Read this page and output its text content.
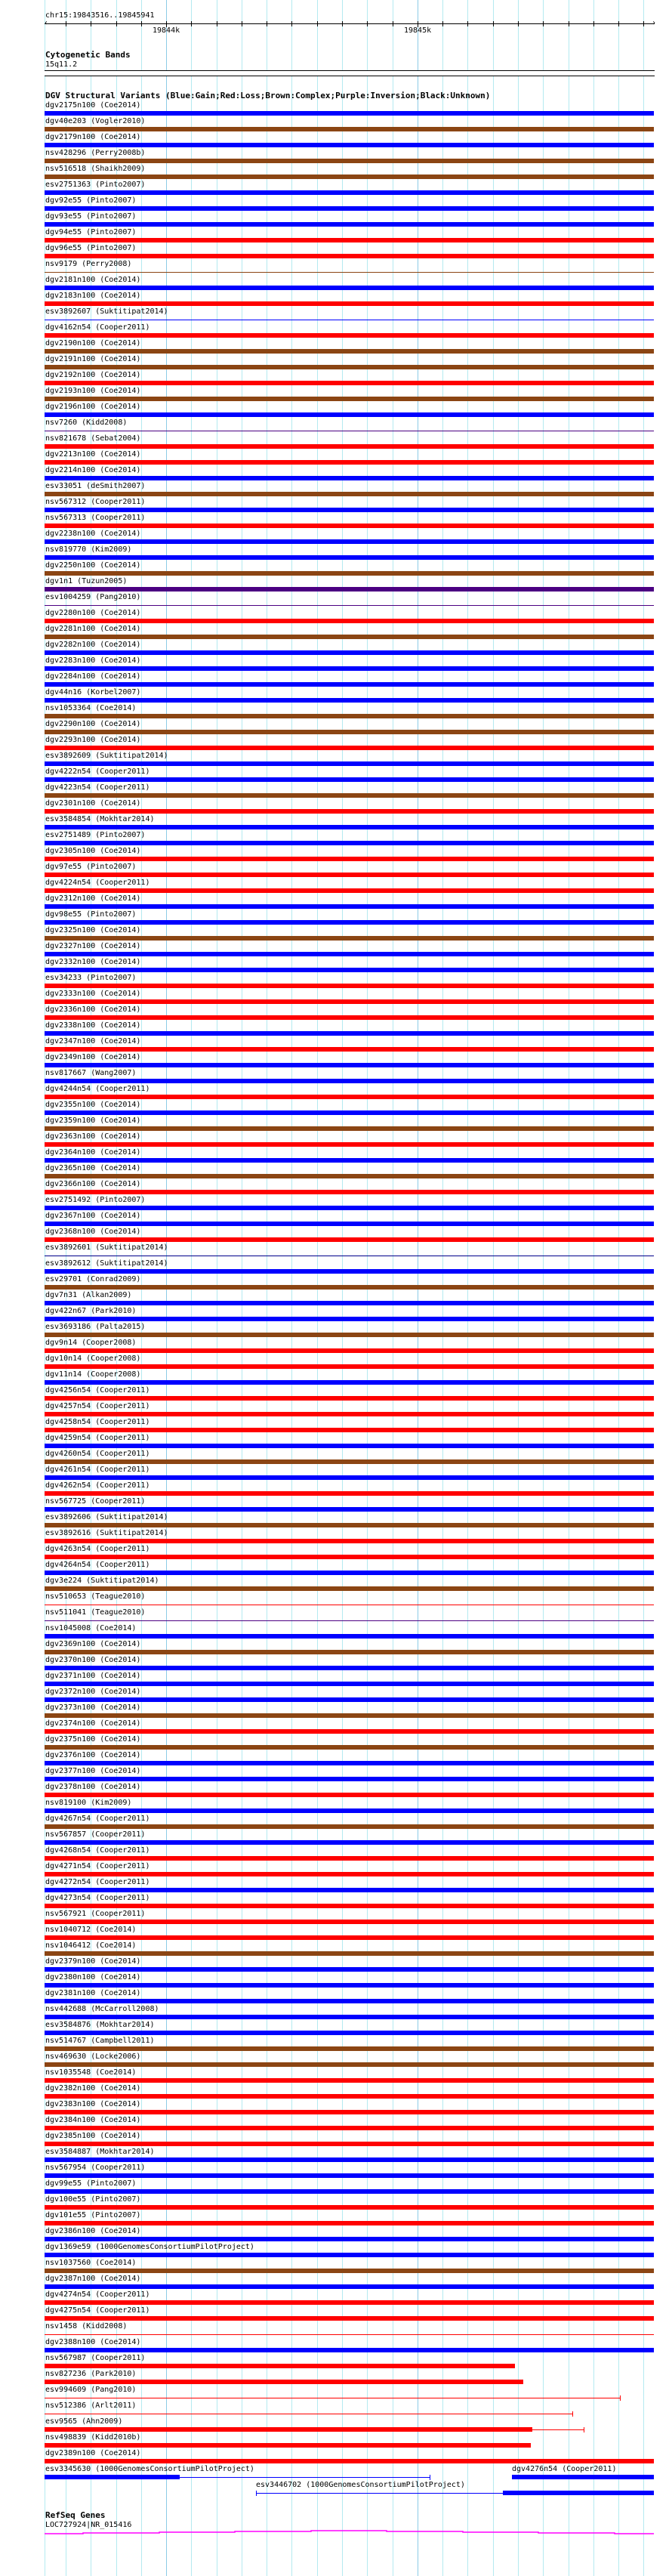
chr15:19843516..19845941
‹	›
19844k	19845k
Cytogenetic Bands
15q11.2
DGV Structural Variants (Blue:Gain;Red:Loss;Brown:Complex;Purple:Inversion;Black:Unknown)
dgv2175n100 (Coe2014)
dgv40e203 (Vogler2010)
dgv2179n100 (Coe2014)
nsv428296 (Perry2008b)
nsv516518 (Shaikh2009)
esv2751363 (Pinto2007)
dgv92e55 (Pinto2007)
dgv93e55 (Pinto2007)
dgv94e55 (Pinto2007)
dgv96e55 (Pinto2007)
nsv9179 (Perry2008)
dgv2181n100 (Coe2014)
dgv2183n100 (Coe2014)
esv3892607 (Suktitipat2014)
dgv4162n54 (Cooper2011)
dgv2190n100 (Coe2014)
dgv2191n100 (Coe2014)
dgv2192n100 (Coe2014)
dgv2193n100 (Coe2014)
dgv2196n100 (Coe2014)
nsv7260 (Kidd2008)
nsv821678 (Sebat2004)
dgv2213n100 (Coe2014)
dgv2214n100 (Coe2014)
esv33051 (deSmith2007)
nsv567312 (Cooper2011)
nsv567313 (Cooper2011)
dgv2238n100 (Coe2014)
nsv819770 (Kim2009)
dgv2250n100 (Coe2014)
dgv1n1 (Tuzun2005)
esv1004259 (Pang2010)
dgv2280n100 (Coe2014)
dgv2281n100 (Coe2014)
dgv2282n100 (Coe2014)
dgv2283n100 (Coe2014)
dgv2284n100 (Coe2014)
dgv44n16 (Korbel2007)
nsv1053364 (Coe2014)
dgv2290n100 (Coe2014)
dgv2293n100 (Coe2014)
esv3892609 (Suktitipat2014)
dgv4222n54 (Cooper2011)
dgv4223n54 (Cooper2011)
dgv2301n100 (Coe2014)
esv3584854 (Mokhtar2014)
esv2751489 (Pinto2007)
dgv2305n100 (Coe2014)
dgv97e55 (Pinto2007)
dgv4224n54 (Cooper2011)
dgv2312n100 (Coe2014)
dgv98e55 (Pinto2007)
dgv2325n100 (Coe2014)
dgv2327n100 (Coe2014)
dgv2332n100 (Coe2014)
esv34233 (Pinto2007)
dgv2333n100 (Coe2014)
dgv2336n100 (Coe2014)
dgv2338n100 (Coe2014)
dgv2347n100 (Coe2014)
dgv2349n100 (Coe2014)
nsv817667 (Wang2007)
dgv4244n54 (Cooper2011)
dgv2355n100 (Coe2014)
dgv2359n100 (Coe2014)
dgv2363n100 (Coe2014)
dgv2364n100 (Coe2014)
dgv2365n100 (Coe2014)
dgv2366n100 (Coe2014)
esv2751492 (Pinto2007)
dgv2367n100 (Coe2014)
dgv2368n100 (Coe2014)
esv3892601 (Suktitipat2014)
esv3892612 (Suktitipat2014)
esv29701 (Conrad2009)
dgv7n31 (Alkan2009)
dgv422n67 (Park2010)
esv3693186 (Palta2015)
dgv9n14 (Cooper2008)
dgv10n14 (Cooper2008)
dgv11n14 (Cooper2008)
dgv4256n54 (Cooper2011)
dgv4257n54 (Cooper2011)
dgv4258n54 (Cooper2011)
dgv4259n54 (Cooper2011)
dgv4260n54 (Cooper2011)
dgv4261n54 (Cooper2011)
dgv4262n54 (Cooper2011)
nsv567725 (Cooper2011)
esv3892606 (Suktitipat2014)
esv3892616 (Suktitipat2014)
dgv4263n54 (Cooper2011)
dgv4264n54 (Cooper2011)
dgv3e224 (Suktitipat2014)
nsv510653 (Teague2010)
nsv511041 (Teague2010)
nsv1045008 (Coe2014)
dgv2369n100 (Coe2014)
dgv2370n100 (Coe2014)
dgv2371n100 (Coe2014)
dgv2372n100 (Coe2014)
dgv2373n100 (Coe2014)
dgv2374n100 (Coe2014)
dgv2375n100 (Coe2014)
dgv2376n100 (Coe2014)
dgv2377n100 (Coe2014)
dgv2378n100 (Coe2014)
nsv819100 (Kim2009)
dgv4267n54 (Cooper2011)
nsv567857 (Cooper2011)
dgv4268n54 (Cooper2011)
dgv4271n54 (Cooper2011)
dgv4272n54 (Cooper2011)
dgv4273n54 (Cooper2011)
nsv567921 (Cooper2011)
nsv1040712 (Coe2014)
nsv1046412 (Coe2014)
dgv2379n100 (Coe2014)
dgv2380n100 (Coe2014)
dgv2381n100 (Coe2014)
nsv442688 (McCarroll2008)
esv3584876 (Mokhtar2014)
nsv514767 (Campbell2011)
nsv469630 (Locke2006)
nsv1035548 (Coe2014)
dgv2382n100 (Coe2014)
dgv2383n100 (Coe2014)
dgv2384n100 (Coe2014)
dgv2385n100 (Coe2014)
esv3584887 (Mokhtar2014)
nsv567954 (Cooper2011)
dgv99e55 (Pinto2007)
dgv100e55 (Pinto2007)
dgv101e55 (Pinto2007)
dgv2386n100 (Coe2014)
dgv1369e59 (1000GenomesConsortiumPilotProject)
nsv1037560 (Coe2014)
dgv2387n100 (Coe2014)
dgv4274n54 (Cooper2011)
dgv4275n54 (Cooper2011)
nsv1458 (Kidd2008)
dgv2388n100 (Coe2014)
nsv567987 (Cooper2011)
nsv827236 (Park2010)
esv994609 (Pang2010)
nsv512386 (Arlt2011)
esv9565 (Ahn2009)
nsv498839 (Kidd2010b)
dgv2389n100 (Coe2014)
esv3345630 (1000GenomesConsortiumPilotProject)	dgv4276n54 (Cooper2011)
esv3446702 (1000GenomesConsortiumPilotProject)
RefSeq Genes
LOC727924|NR_015416
